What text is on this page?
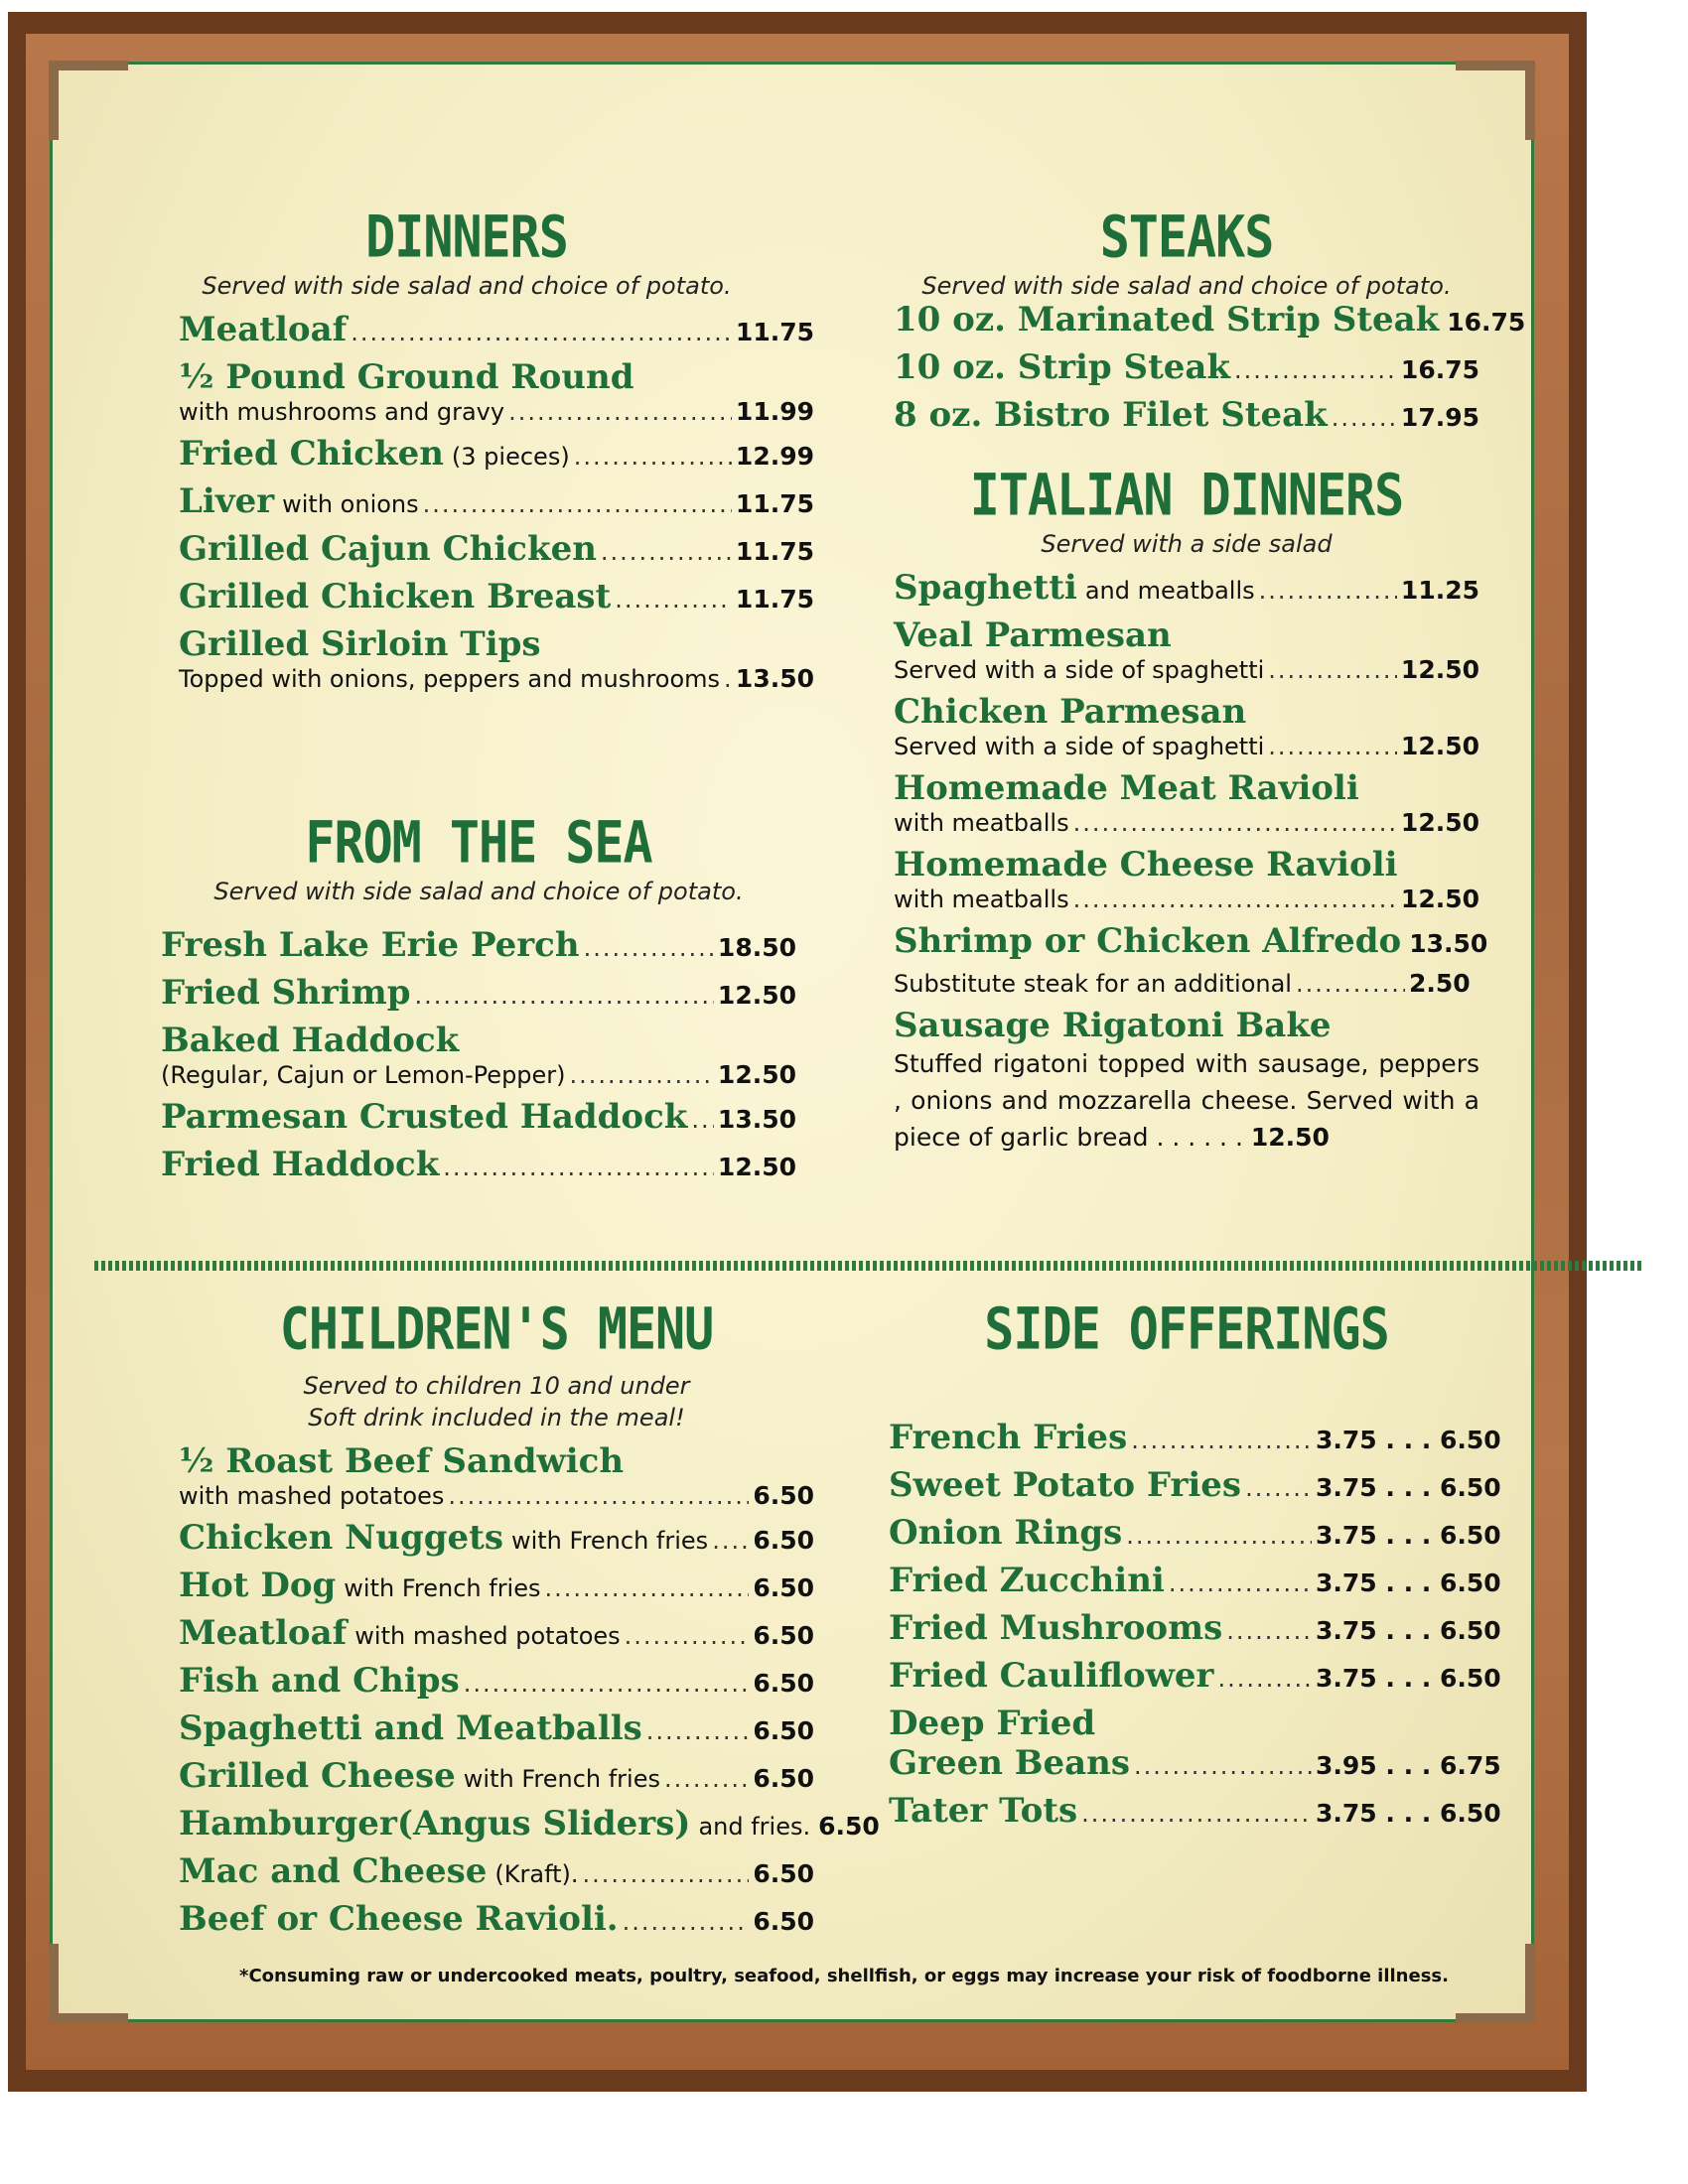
DINNERS
Served with side salad and choice of potato.
Meatloaf .....	11.75
½ Pound Ground Round
with mushrooms and gravy .....	11.99
Fried Chicken (3 pieces) .....	12.99
Liver with onions .....	11.75
Grilled Cajun Chicken .....	11.75
Grilled Chicken Breast .....	11.75
Grilled Sirloin Tips
Topped with onions, peppers and mushrooms ..... 13.50
FROM THE SEA
Served with side salad and choice of potato.
Fresh Lake Erie Perch .....	18.50
Fried Shrimp .....	12.50
Baked Haddock
(Regular, Cajun or Lemon-Pepper) .....	12.50
Parmesan Crusted Haddock ..... 13.50
Fried Haddock .....	12.50
STEAKS
Served with side salad and choice of potato.
10 oz. Marinated Strip Steak 16.75
10 oz. Strip Steak .....	16.75
8 oz. Bistro Filet Steak .....	17.95
ITALIAN DINNERS
Served with a side salad
Spaghetti and meatballs .....	11.25
Veal Parmesan
Served with a side of spaghetti .....	12.50
Chicken Parmesan
Served with a side of spaghetti .....	12.50
Homemade Meat Ravioli
with meatballs .....	12.50
Homemade Cheese Ravioli
with meatballs .....	12.50
Shrimp or Chicken Alfredo 13.50
Substitute steak for an additional .....	2.50
Sausage Rigatoni Bake
Stuffed rigatoni topped with sausage, peppers , onions and mozzarella cheese. Served with a piece of garlic bread . . . . . . 12.50
CHILDREN'S MENU
Served to children 10 and under
Soft drink included in the meal!
½ Roast Beef Sandwich
with mashed potatoes .....	6.50
Chicken Nuggets with French fries ..... 6.50
Hot Dog with French fries .....	6.50
Meatloaf with mashed potatoes .....	6.50
Fish and Chips .....	6.50
Spaghetti and Meatballs .....	6.50
Grilled Cheese with French fries .....	6.50
Hamburger(Angus Sliders) and fries. 6.50
Mac and Cheese (Kraft). .....	6.50
Beef or Cheese Ravioli. .....	6.50
SIDE OFFERINGS
French Fries .....	3.75 . . . 6.50
Sweet Potato Fries .....	3.75 . . . 6.50
Onion Rings .....	3.75 . . . 6.50
Fried Zucchini .....	3.75 . . . 6.50
Fried Mushrooms .....	3.75 . . . 6.50
Fried Cauliflower .....	3.75 . . . 6.50
Deep Fried
Green Beans .....	3.95 . . . 6.75
Tater Tots .....	3.75 . . . 6.50
*Consuming raw or undercooked meats, poultry, seafood, shellfish, or eggs may increase your risk of foodborne illness.
